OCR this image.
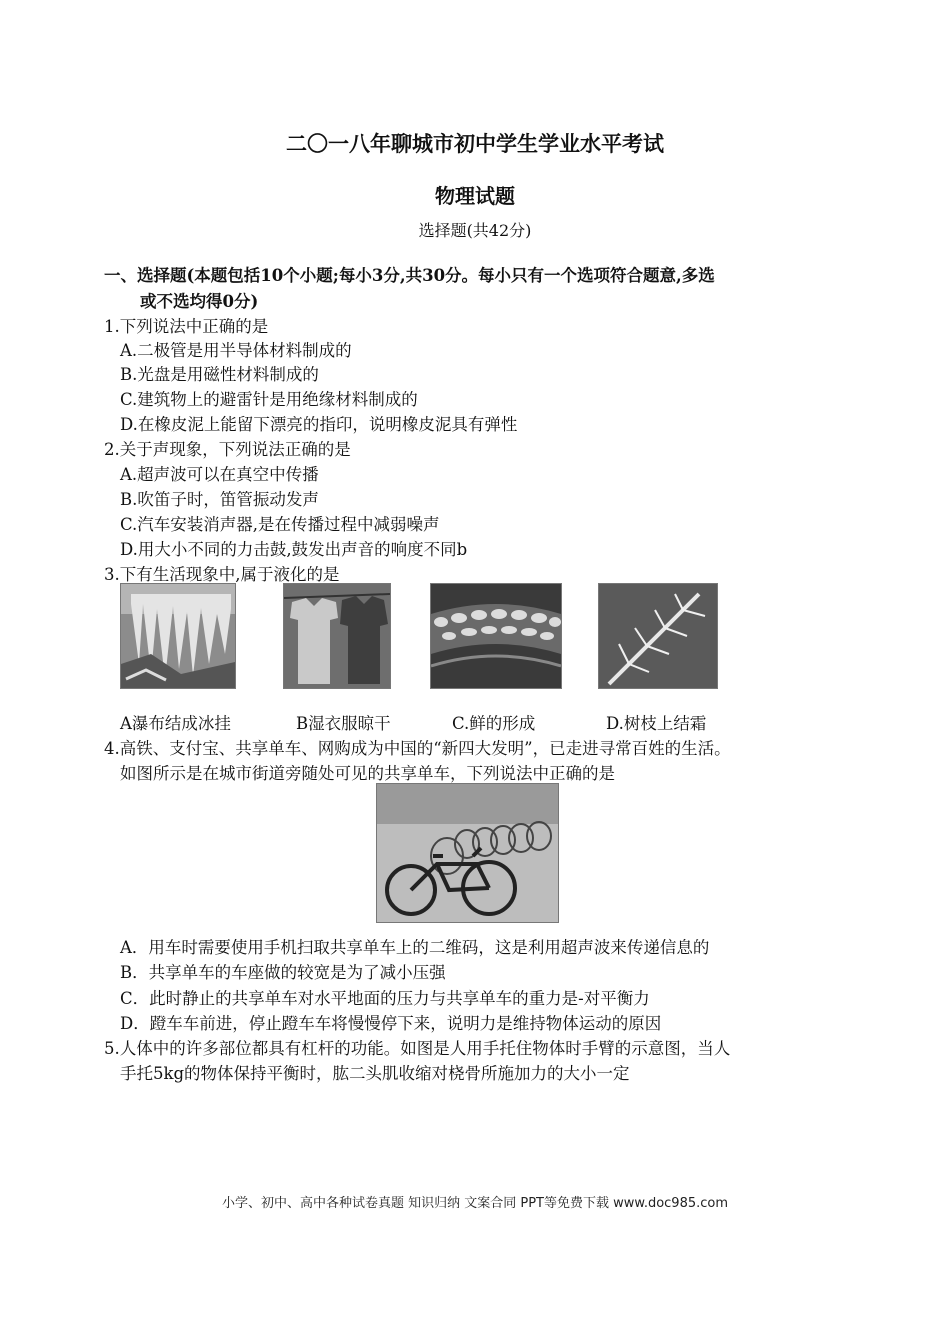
二〇一八年聊城市初中学生学业水平考试
物理试题
选择题(共42分)
一、选择题(本题包括10个小题;每小3分,共30分。每小只有一个选项符合题意,多选
或不选均得0分)
1.下列说法中正确的是
A.二极管是用半导体材料制成的
B.光盘是用磁性材料制成的
C.建筑物上的避雷针是用绝缘材料制成的
D.在橡皮泥上能留下漂亮的指印，说明橡皮泥具有弹性
2.关于声现象，下列说法正确的是
A.超声波可以在真空中传播
B.吹笛子时，笛管振动发声
C.汽车安装消声器,是在传播过程中减弱噪声
D.用大小不同的力击鼓,鼓发出声音的响度不同b
3.下有生活现象中,属于液化的是
A瀑布结成冰挂	B湿衣服晾干	C.鲜的形成	D.树枝上结霜
4.高铁、支付宝、共享单车、网购成为中国的“新四大发明”，已走进寻常百姓的生活。
如图所示是在城市街道旁随处可见的共享单车，下列说法中正确的是
A．用车时需要使用手机扫取共享单车上的二维码，这是利用超声波来传递信息的
B．共享单车的车座做的较宽是为了减小压强
C．此时静止的共享单车对水平地面的压力与共享单车的重力是-对平衡力
D．蹬车车前进，停止蹬车车将慢慢停下来，说明力是维持物体运动的原因
5.人体中的许多部位都具有杠杆的功能。如图是人用手托住物体时手臂的示意图，当人
手托5kg的物体保持平衡时，肱二头肌收缩对桡骨所施加力的大小一定
小学、初中、高中各种试卷真题 知识归纳 文案合同 PPT等免费下载 www.doc985.com
